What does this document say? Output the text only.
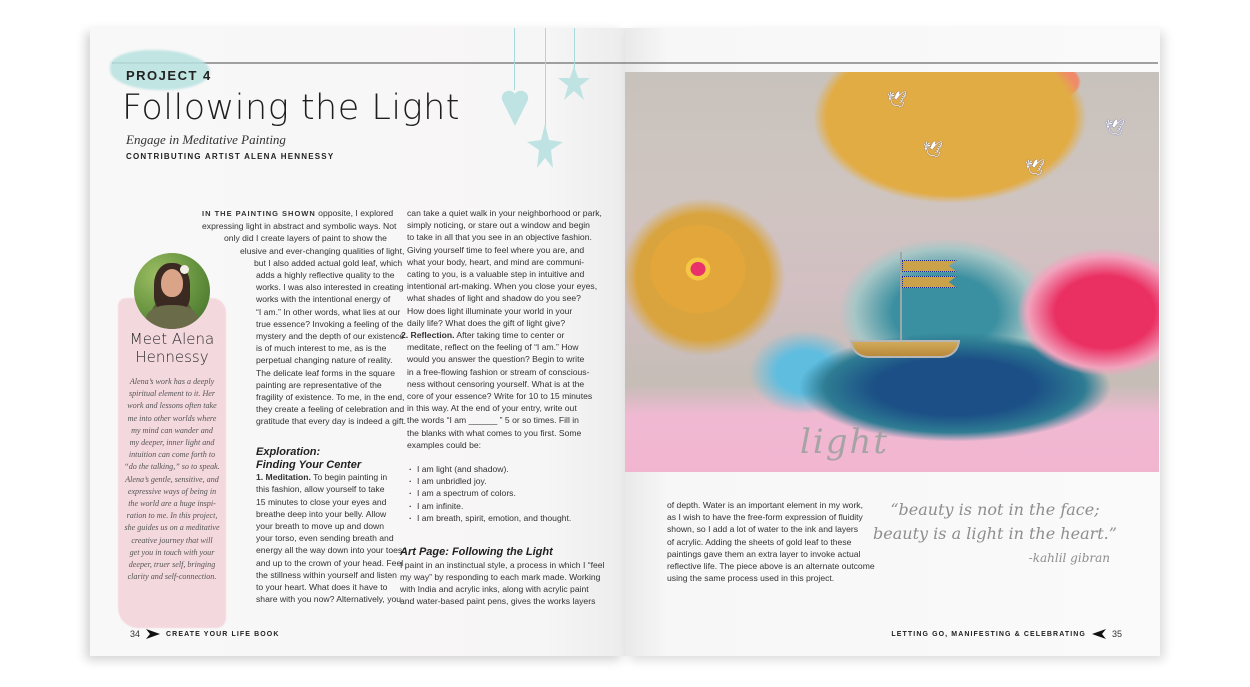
PROJECT 4
Following the Light
Engage in Meditative Painting
CONTRIBUTING ARTIST ALENA HENNESSY
IN THE PAINTING SHOWN opposite, I explored
expressing light in abstract and symbolic ways. Not
only did I create layers of paint to show the
elusive and ever-changing qualities of light,
but I also added actual gold leaf, which
adds a highly reflective quality to the
works. I was also interested in creating
works with the intentional energy of
“I am.” In other words, what lies at our
true essence? Invoking a feeling of the
mystery and the depth of our existence
is of much interest to me, as is the
perpetual changing nature of reality.
The delicate leaf forms in the square
painting are representative of the
fragility of existence. To me, in the end,
they create a feeling of celebration and
gratitude that every day is indeed a gift.
Meet Alena
Hennessy
Alena’s work has a deeply
spiritual element to it. Her
work and lessons often take
me into other worlds where
my mind can wander and
my deeper, inner light and
intuition can come forth to
“do the talking,” so to speak.
Alena’s gentle, sensitive, and
expressive ways of being in
the world are a huge inspi-
ration to me. In this project,
she guides us on a meditative
creative journey that will
get you in touch with your
deeper, truer self, bringing
clarity and self-connection.
Exploration:
Finding Your Center
1. Meditation. To begin painting in
this fashion, allow yourself to take
15 minutes to close your eyes and
breathe deep into your belly. Allow
your breath to move up and down
your torso, even sending breath and
energy all the way down into your toes
and up to the crown of your head. Feel
the stillness within yourself and listen
to your heart. What does it have to
share with you now? Alternatively, you
can take a quiet walk in your neighborhood or park,
simply noticing, or stare out a window and begin
to take in all that you see in an objective fashion.
Giving yourself time to feel where you are, and
what your body, heart, and mind are communi-
cating to you, is a valuable step in intuitive and
intentional art-making. When you close your eyes,
what shades of light and shadow do you see?
How does light illuminate your world in your
daily life? What does the gift of light give?
2. Reflection. After taking time to center or
meditate, reflect on the feeling of “I am.” How
would you answer the question? Begin to write
in a free-flowing fashion or stream of conscious-
ness without censoring yourself. What is at the
core of your essence? Write for 10 to 15 minutes
in this way. At the end of your entry, write out
the words “I am ______ ” 5 or so times. Fill in
the blanks with what comes to you first. Some
examples could be:
· I am light (and shadow).
· I am unbridled joy.
· I am a spectrum of colors.
· I am infinite.
· I am breath, spirit, emotion, and thought.
Art Page: Following the Light
I paint in an instinctual style, a process in which I “feel
my way” by responding to each mark made. Working
with India and acrylic inks, along with acrylic paint
and water-based paint pens, gives the works layers
34	CREATE YOUR LIFE BOOK
🕊
🕊
🕊
🕊
light
of depth. Water is an important element in my work,
as I wish to have the free-form expression of fluidity
shown, so I add a lot of water to the ink and layers
of acrylic. Adding the sheets of gold leaf to these
paintings gave them an extra layer to invoke actual
reflective life. The piece above is an alternate outcome
using the same process used in this project.
“beauty is not in the face;
beauty is a light in the heart.”
-kahlil gibran
LETTING GO, MANIFESTING & CELEBRATING	35
